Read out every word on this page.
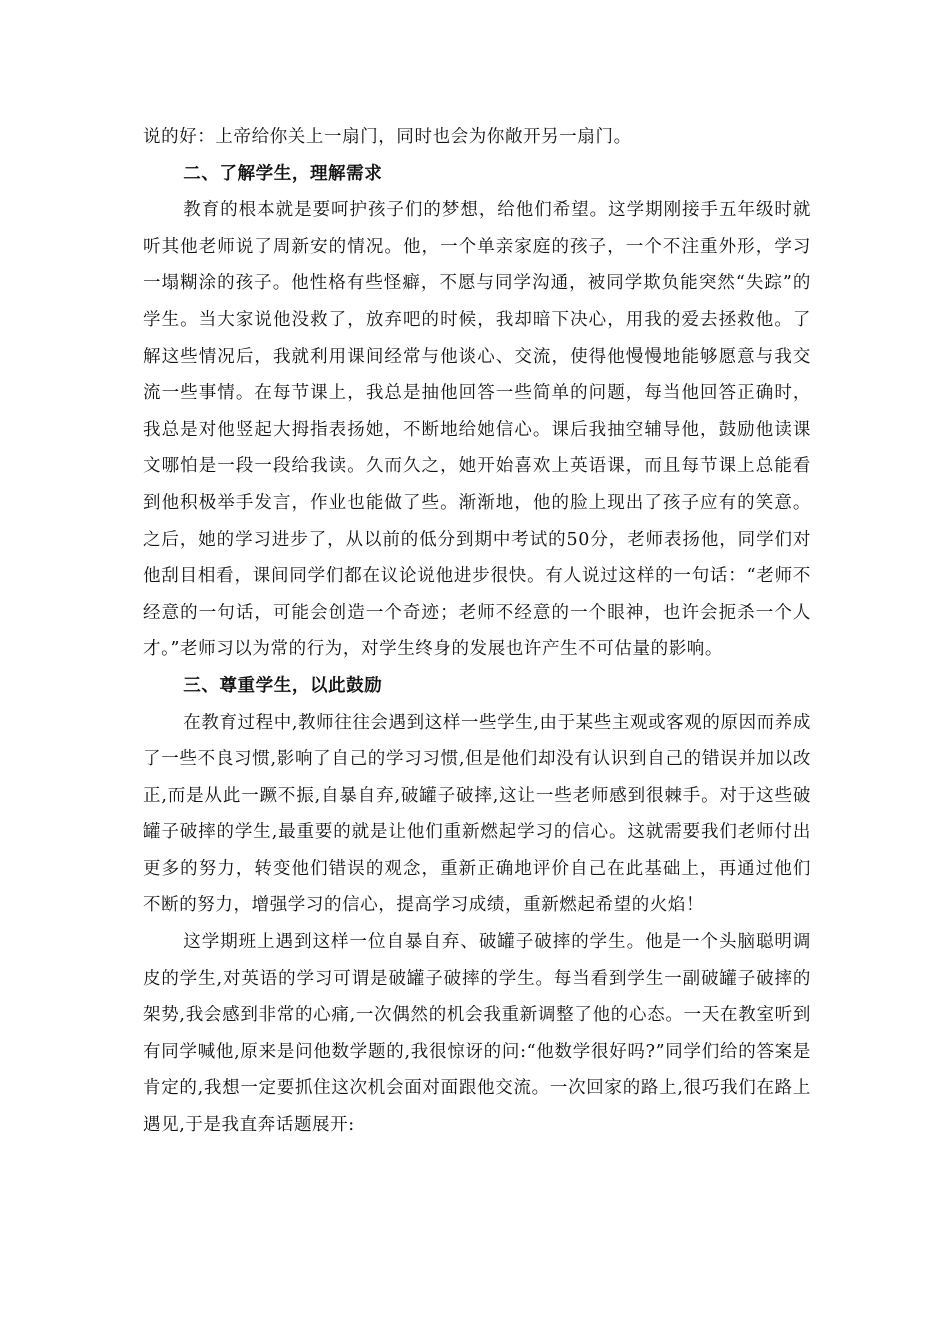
说的好：上帝给你关上一扇门，同时也会为你敞开另一扇门。

二、了解学生，理解需求

教育的根本就是要呵护孩子们的梦想，给他们希望。这学期刚接手五年级时就听其他老师说了周新安的情况。他，一个单亲家庭的孩子，一个不注重外形，学习一塌糊涂的孩子。他性格有些怪癖，不愿与同学沟通，被同学欺负能突然“失踪”的学生。当大家说他没救了，放弃吧的时候，我却暗下决心，用我的爱去拯救他。了解这些情况后，我就利用课间经常与他谈心、交流，使得他慢慢地能够愿意与我交流一些事情。在每节课上，我总是抽他回答一些简单的问题，每当他回答正确时，我总是对他竖起大拇指表扬她，不断地给她信心。课后我抽空辅导他，鼓励他读课文哪怕是一段一段给我读。久而久之，她开始喜欢上英语课，而且每节课上总能看到他积极举手发言，作业也能做了些。渐渐地，他的脸上现出了孩子应有的笑意。之后，她的学习进步了，从以前的低分到期中考试的50分，老师表扬他，同学们对他刮目相看，课间同学们都在议论说他进步很快。有人说过这样的一句话：“老师不经意的一句话，可能会创造一个奇迹；老师不经意的一个眼神，也许会扼杀一个人才。”老师习以为常的行为，对学生终身的发展也许产生不可估量的影响。

三、尊重学生，以此鼓励

在教育过程中,教师往往会遇到这样一些学生,由于某些主观或客观的原因而养成了一些不良习惯,影响了自己的学习习惯,但是他们却没有认识到自己的错误并加以改正,而是从此一蹶不振,自暴自弃,破罐子破摔,这让一些老师感到很棘手。对于这些破罐子破摔的学生,最重要的就是让他们重新燃起学习的信心。这就需要我们老师付出更多的努力，转变他们错误的观念，重新正确地评价自己在此基础上，再通过他们不断的努力，增强学习的信心，提高学习成绩，重新燃起希望的火焰！

这学期班上遇到这样一位自暴自弃、破罐子破摔的学生。他是一个头脑聪明调皮的学生,对英语的学习可谓是破罐子破摔的学生。每当看到学生一副破罐子破摔的架势,我会感到非常的心痛,一次偶然的机会我重新调整了他的心态。一天在教室听到有同学喊他,原来是问他数学题的,我很惊讶的问:“他数学很好吗?”同学们给的答案是肯定的,我想一定要抓住这次机会面对面跟他交流。一次回家的路上,很巧我们在路上遇见,于是我直奔话题展开:
